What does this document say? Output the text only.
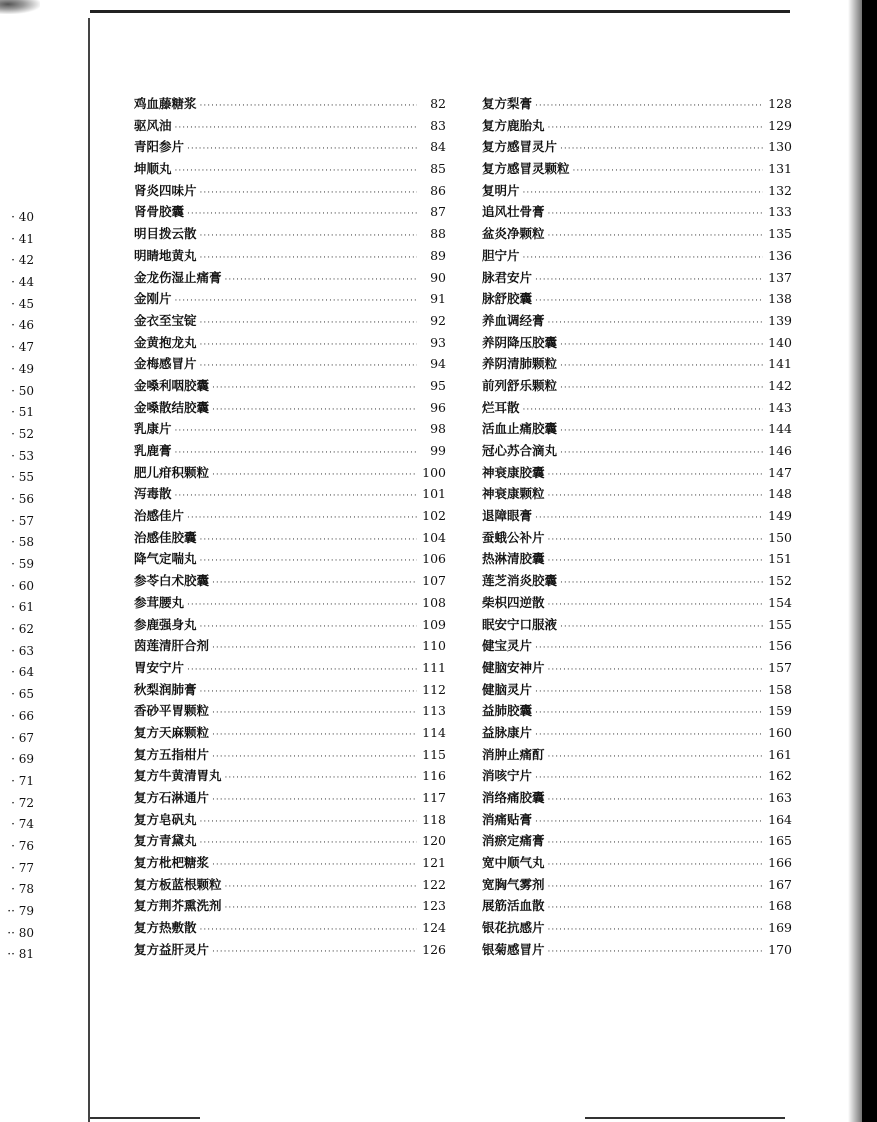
· 40
· 41
· 42
· 44
· 45
· 46
· 47
· 49
· 50
· 51
· 52
· 53
· 55
· 56
· 57
· 58
· 59
· 60
· 61
· 62
· 63
· 64
· 65
· 66
· 67
· 69
· 71
· 72
· 74
· 76
· 77
· 78
·· 79
·· 80
·· 81
鸡血藤糖浆 ·····	82
驱风油 ·····	83
青阳参片 ·····	84
坤顺丸 ·····	85
肾炎四味片 ·····	86
肾骨胶囊 ·····	87
明目拨云散 ·····	88
明睛地黄丸 ·····	89
金龙伤湿止痛膏 ·····	90
金刚片 ·····	91
金衣至宝锭 ·····	92
金黄抱龙丸 ·····	93
金梅感冒片 ·····	94
金嗓利咽胶囊 ·····	95
金嗓散结胶囊 ·····	96
乳康片 ·····	98
乳鹿膏 ·····	99
肥儿疳积颗粒 ·····	100
泻毒散 ·····	101
治感佳片 ·····	102
治感佳胶囊 ·····	104
降气定喘丸 ·····	106
参苓白术胶囊 ·····	107
参茸腰丸 ·····	108
参鹿强身丸 ·····	109
茵莲清肝合剂 ·····	110
胃安宁片 ·····	111
秋梨润肺膏 ·····	112
香砂平胃颗粒 ·····	113
复方天麻颗粒 ·····	114
复方五指柑片 ·····	115
复方牛黄清胃丸 ·····	116
复方石淋通片 ·····	117
复方皂矾丸 ·····	118
复方青黛丸 ·····	120
复方枇杷糖浆 ·····	121
复方板蓝根颗粒 ·····	122
复方荆芥熏洗剂 ·····	123
复方热敷散 ·····	124
复方益肝灵片 ·····	126
复方梨膏 ·····	128
复方鹿胎丸 ·····	129
复方感冒灵片 ·····	130
复方感冒灵颗粒 ·····	131
复明片 ·····	132
追风壮骨膏 ·····	133
盆炎净颗粒 ·····	135
胆宁片 ·····	136
脉君安片 ·····	137
脉舒胶囊 ·····	138
养血调经膏 ·····	139
养阴降压胶囊 ·····	140
养阴清肺颗粒 ·····	141
前列舒乐颗粒 ·····	142
烂耳散 ·····	143
活血止痛胶囊 ·····	144
冠心苏合滴丸 ·····	146
神衰康胶囊 ·····	147
神衰康颗粒 ·····	148
退障眼膏 ·····	149
蚕蛾公补片 ·····	150
热淋清胶囊 ·····	151
莲芝消炎胶囊 ·····	152
柴枳四逆散 ·····	154
眠安宁口服液 ·····	155
健宝灵片 ·····	156
健脑安神片 ·····	157
健脑灵片 ·····	158
益肺胶囊 ·····	159
益脉康片 ·····	160
消肿止痛酊 ·····	161
消咳宁片 ·····	162
消络痛胶囊 ·····	163
消痛贴膏 ·····	164
消瘀定痛膏 ·····	165
宽中顺气丸 ·····	166
宽胸气雾剂 ·····	167
展筋活血散 ·····	168
银花抗感片 ·····	169
银菊感冒片 ·····	170
